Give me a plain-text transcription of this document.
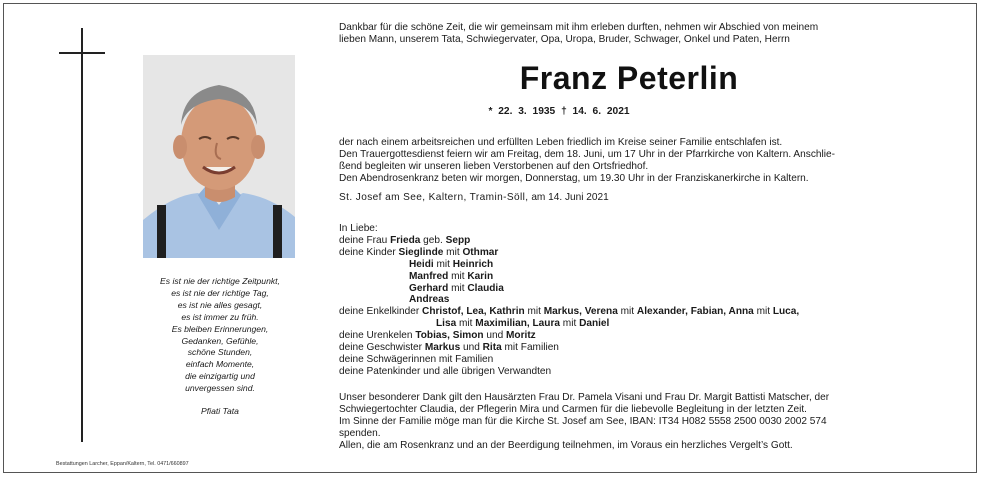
Es ist nie der richtige Zeitpunkt,
es ist nie der richtige Tag,
es ist nie alles gesagt,
es ist immer zu früh.
Es bleiben Erinnerungen,
Gedanken, Gefühle,
schöne Stunden,
einfach Momente,
die einzigartig und
unvergessen sind.
Pfiati Tata
Bestattungen Larcher, Eppan/Kaltern, Tel. 0471/660897

Dankbar für die schöne Zeit, die wir gemeinsam mit ihm erleben durften, nehmen wir Abschied von meinem

lieben Mann, unserem Tata, Schwiegervater, Opa, Uropa, Bruder, Schwager, Onkel und Paten, Herrn

Franz Peterlin
* 22. 3. 1935 † 14. 6. 2021

der nach einem arbeitsreichen und erfüllten Leben friedlich im Kreise seiner Familie entschlafen ist.

Den Trauergottesdienst feiern wir am Freitag, dem 18. Juni, um 17 Uhr in der Pfarrkirche von Kaltern. Anschlie-

ßend begleiten wir unseren lieben Verstorbenen auf den Ortsfriedhof.

Den Abendrosenkranz beten wir morgen, Donnerstag, um 19.30 Uhr in der Franziskanerkirche in Kaltern.

St. Josef am See, Kaltern, Tramin-Söll, am 14. Juni 2021

In Liebe:

deine Frau Frieda geb. Sepp

deine Kinder Sieglinde mit Othmar

Heidi mit Heinrich

Manfred mit Karin

Gerhard mit Claudia

Andreas

deine Enkelkinder Christof, Lea, Kathrin mit Markus, Verena mit Alexander, Fabian, Anna mit Luca,

Lisa mit Maximilian, Laura mit Daniel

deine Urenkelen Tobias, Simon und Moritz

deine Geschwister Markus und Rita mit Familien

deine Schwägerinnen mit Familien

deine Patenkinder und alle übrigen Verwandten

Unser besonderer Dank gilt den Hausärzten Frau Dr. Pamela Visani und Frau Dr. Margit Battisti Matscher, der

Schwiegertochter Claudia, der Pflegerin Mira und Carmen für die liebevolle Begleitung in der letzten Zeit.

Im Sinne der Familie möge man für die Kirche St. Josef am See, IBAN: IT34 H082 5558 2500 0030 2002 574

spenden.

Allen, die am Rosenkranz und an der Beerdigung teilnehmen, im Voraus ein herzliches Vergelt’s Gott.
